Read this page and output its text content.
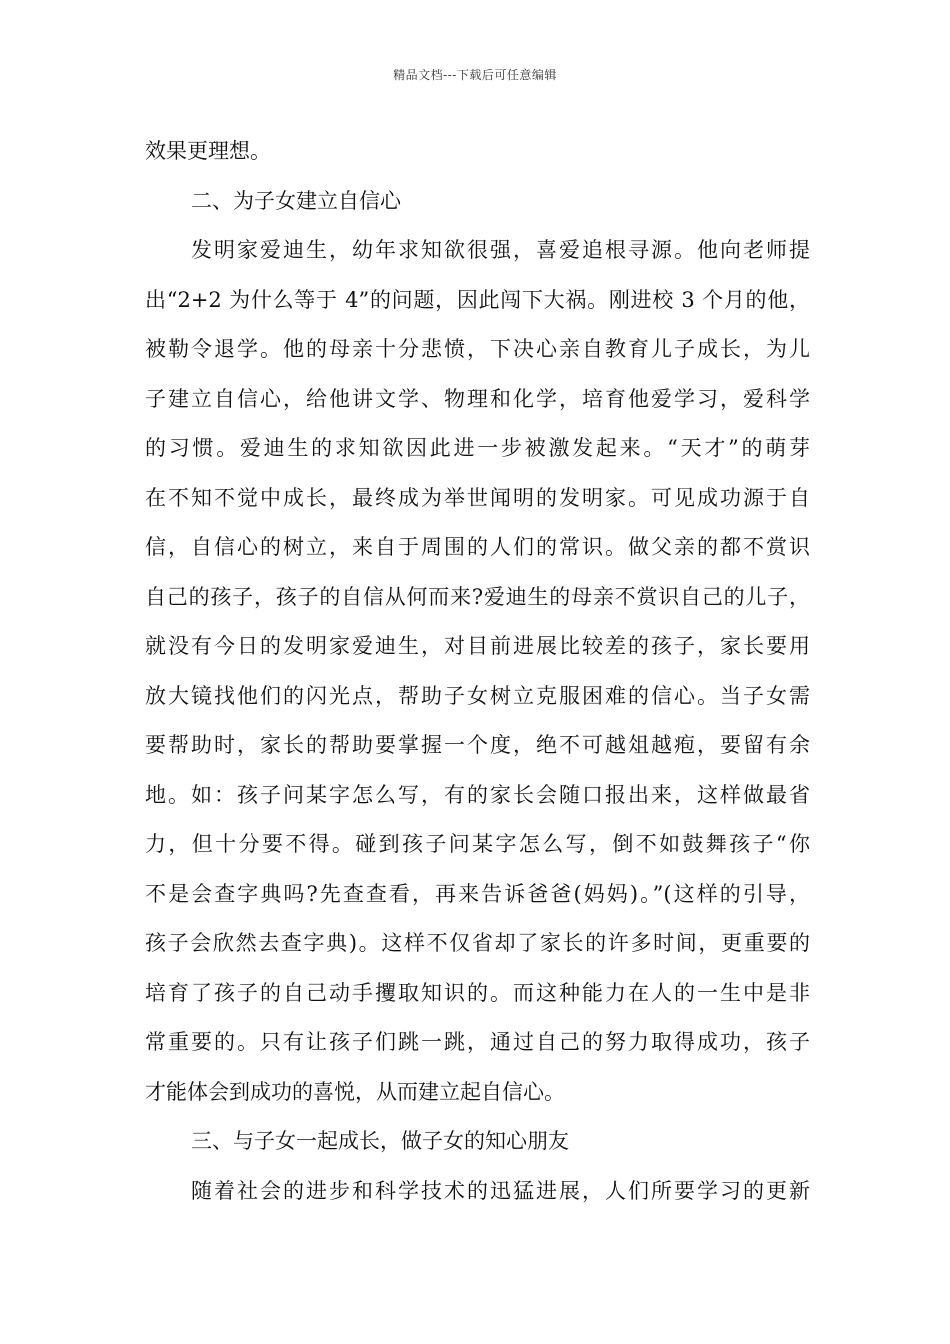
精品文档---下载后可任意编辑
效果更理想。
二、为子女建立自信心
发明家爱迪生，幼年求知欲很强，喜爱追根寻源。他向老师提
出“2+2 为什么等于 4”的问题，因此闯下大祸。刚进校 3 个月的他，
被勒令退学。他的母亲十分悲愤，下决心亲自教育儿子成长，为儿
子建立自信心，给他讲文学、物理和化学，培育他爱学习，爱科学
的习惯。爱迪生的求知欲因此进一步被激发起来。“天才”的萌芽
在不知不觉中成长，最终成为举世闻明的发明家。可见成功源于自
信，自信心的树立，来自于周围的人们的常识。做父亲的都不赏识
自己的孩子，孩子的自信从何而来?爱迪生的母亲不赏识自己的儿子，
就没有今日的发明家爱迪生，对目前进展比较差的孩子，家长要用
放大镜找他们的闪光点，帮助子女树立克服困难的信心。当子女需
要帮助时，家长的帮助要掌握一个度，绝不可越俎越疱，要留有余
地。如：孩子问某字怎么写，有的家长会随口报出来，这样做最省
力，但十分要不得。碰到孩子问某字怎么写，倒不如鼓舞孩子“你
不是会查字典吗?先查查看，再来告诉爸爸(妈妈)。”(这样的引导，
孩子会欣然去查字典)。这样不仅省却了家长的许多时间，更重要的
培育了孩子的自己动手攫取知识的。而这种能力在人的一生中是非
常重要的。只有让孩子们跳一跳，通过自己的努力取得成功，孩子
才能体会到成功的喜悦，从而建立起自信心。
三、与子女一起成长，做子女的知心朋友
随着社会的进步和科学技术的迅猛进展，人们所要学习的更新
